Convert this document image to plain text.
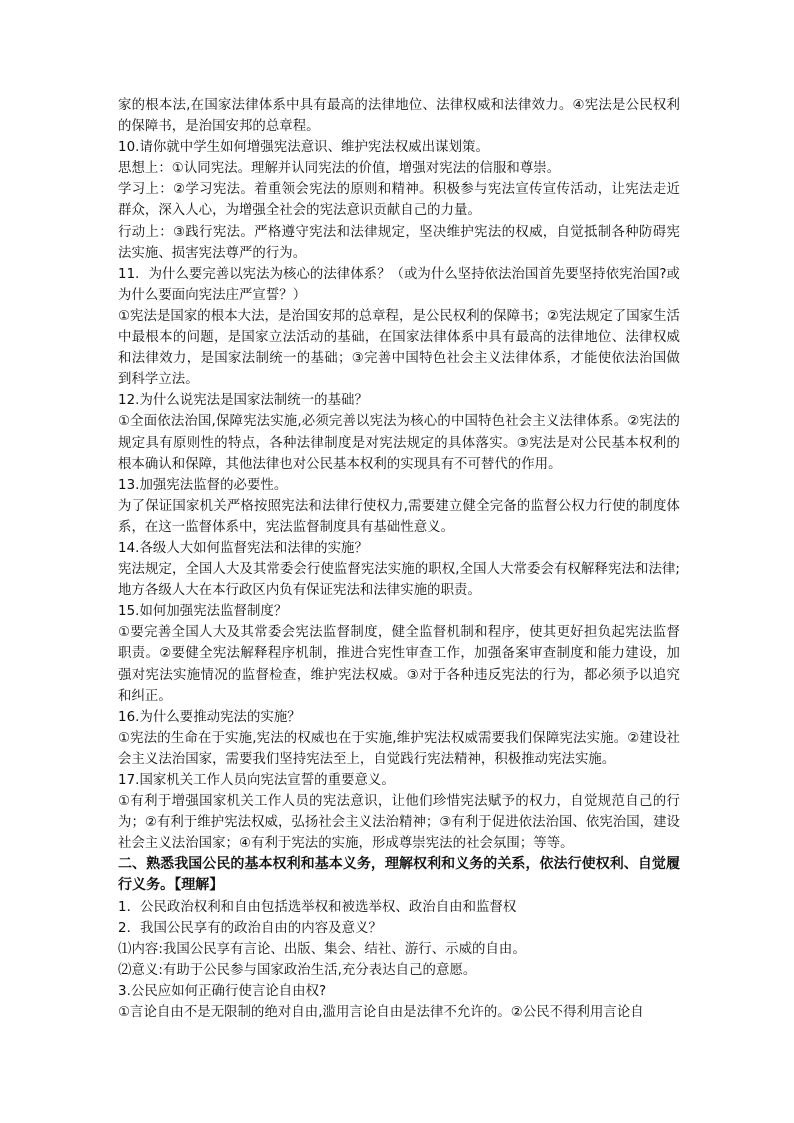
家的根本法,在国家法律体系中具有最高的法律地位、法律权威和法律效力。④宪法是公民权利的保障书，是治国安邦的总章程。

10.请你就中学生如何增强宪法意识、维护宪法权威出谋划策。

思想上：①认同宪法。理解并认同宪法的价值，增强对宪法的信服和尊崇。

学习上：②学习宪法。着重领会宪法的原则和精神。积极参与宪法宣传宣传活动，让宪法走近群众，深入人心，为增强全社会的宪法意识贡献自己的力量。

行动上：③践行宪法。严格遵守宪法和法律规定，坚决维护宪法的权威，自觉抵制各种防碍宪法实施、损害宪法尊严的行为。

11．为什么要完善以宪法为核心的法律体系？（或为什么坚持依法治国首先要坚持依宪治国?或为什么要面向宪法庄严宣誓？）

①宪法是国家的根本大法，是治国安邦的总章程，是公民权利的保障书；②宪法规定了国家生活中最根本的问题，是国家立法活动的基础，在国家法律体系中具有最高的法律地位、法律权威和法律效力，是国家法制统一的基础；③完善中国特色社会主义法律体系，才能使依法治国做到科学立法。

12.为什么说宪法是国家法制统一的基础？

①全面依法治国,保障宪法实施,必须完善以宪法为核心的中国特色社会主义法律体系。②宪法的规定具有原则性的特点，各种法律制度是对宪法规定的具体落实。③宪法是对公民基本权利的根本确认和保障，其他法律也对公民基本权利的实现具有不可替代的作用。

13.加强宪法监督的必要性。

为了保证国家机关严格按照宪法和法律行使权力,需要建立健全完备的监督公权力行使的制度体系，在这一监督体系中，宪法监督制度具有基础性意义。

14.各级人大如何监督宪法和法律的实施？

宪法规定，全国人大及其常委会行使监督宪法实施的职权,全国人大常委会有权解释宪法和法律;地方各级人大在本行政区内负有保证宪法和法律实施的职责。

15.如何加强宪法监督制度？

①要完善全国人大及其常委会宪法监督制度，健全监督机制和程序，使其更好担负起宪法监督职责。②要健全宪法解释程序机制，推进合宪性审查工作，加强备案审查制度和能力建设，加强对宪法实施情况的监督检查，维护宪法权威。③对于各种违反宪法的行为，都必须予以追究和纠正。

16.为什么要推动宪法的实施？

①宪法的生命在于实施,宪法的权威也在于实施,维护宪法权威需要我们保障宪法实施。②建设社会主义法治国家，需要我们坚持宪法至上，自觉践行宪法精神，积极推动宪法实施。

17.国家机关工作人员向宪法宣誓的重要意义。

①有利于增强国家机关工作人员的宪法意识，让他们珍惜宪法赋予的权力，自觉规范自己的行为；②有利于维护宪法权威，弘扬社会主义法治精神；③有利于促进依法治国、依宪治国，建设社会主义法治国家；④有利于宪法的实施，形成尊崇宪法的社会氛围；等等。

二、熟悉我国公民的基本权利和基本义务，理解权利和义务的关系，依法行使权利、自觉履行义务。【理解】

1．公民政治权利和自由包括选举权和被选举权、政治自由和监督权

2．我国公民享有的政治自由的内容及意义？

⑴内容:我国公民享有言论、出版、集会、结社、游行、示威的自由。

⑵意义:有助于公民参与国家政治生活,充分表达自己的意愿。

3.公民应如何正确行使言论自由权?

①言论自由不是无限制的绝对自由,滥用言论自由是法律不允许的。②公民不得利用言论自
